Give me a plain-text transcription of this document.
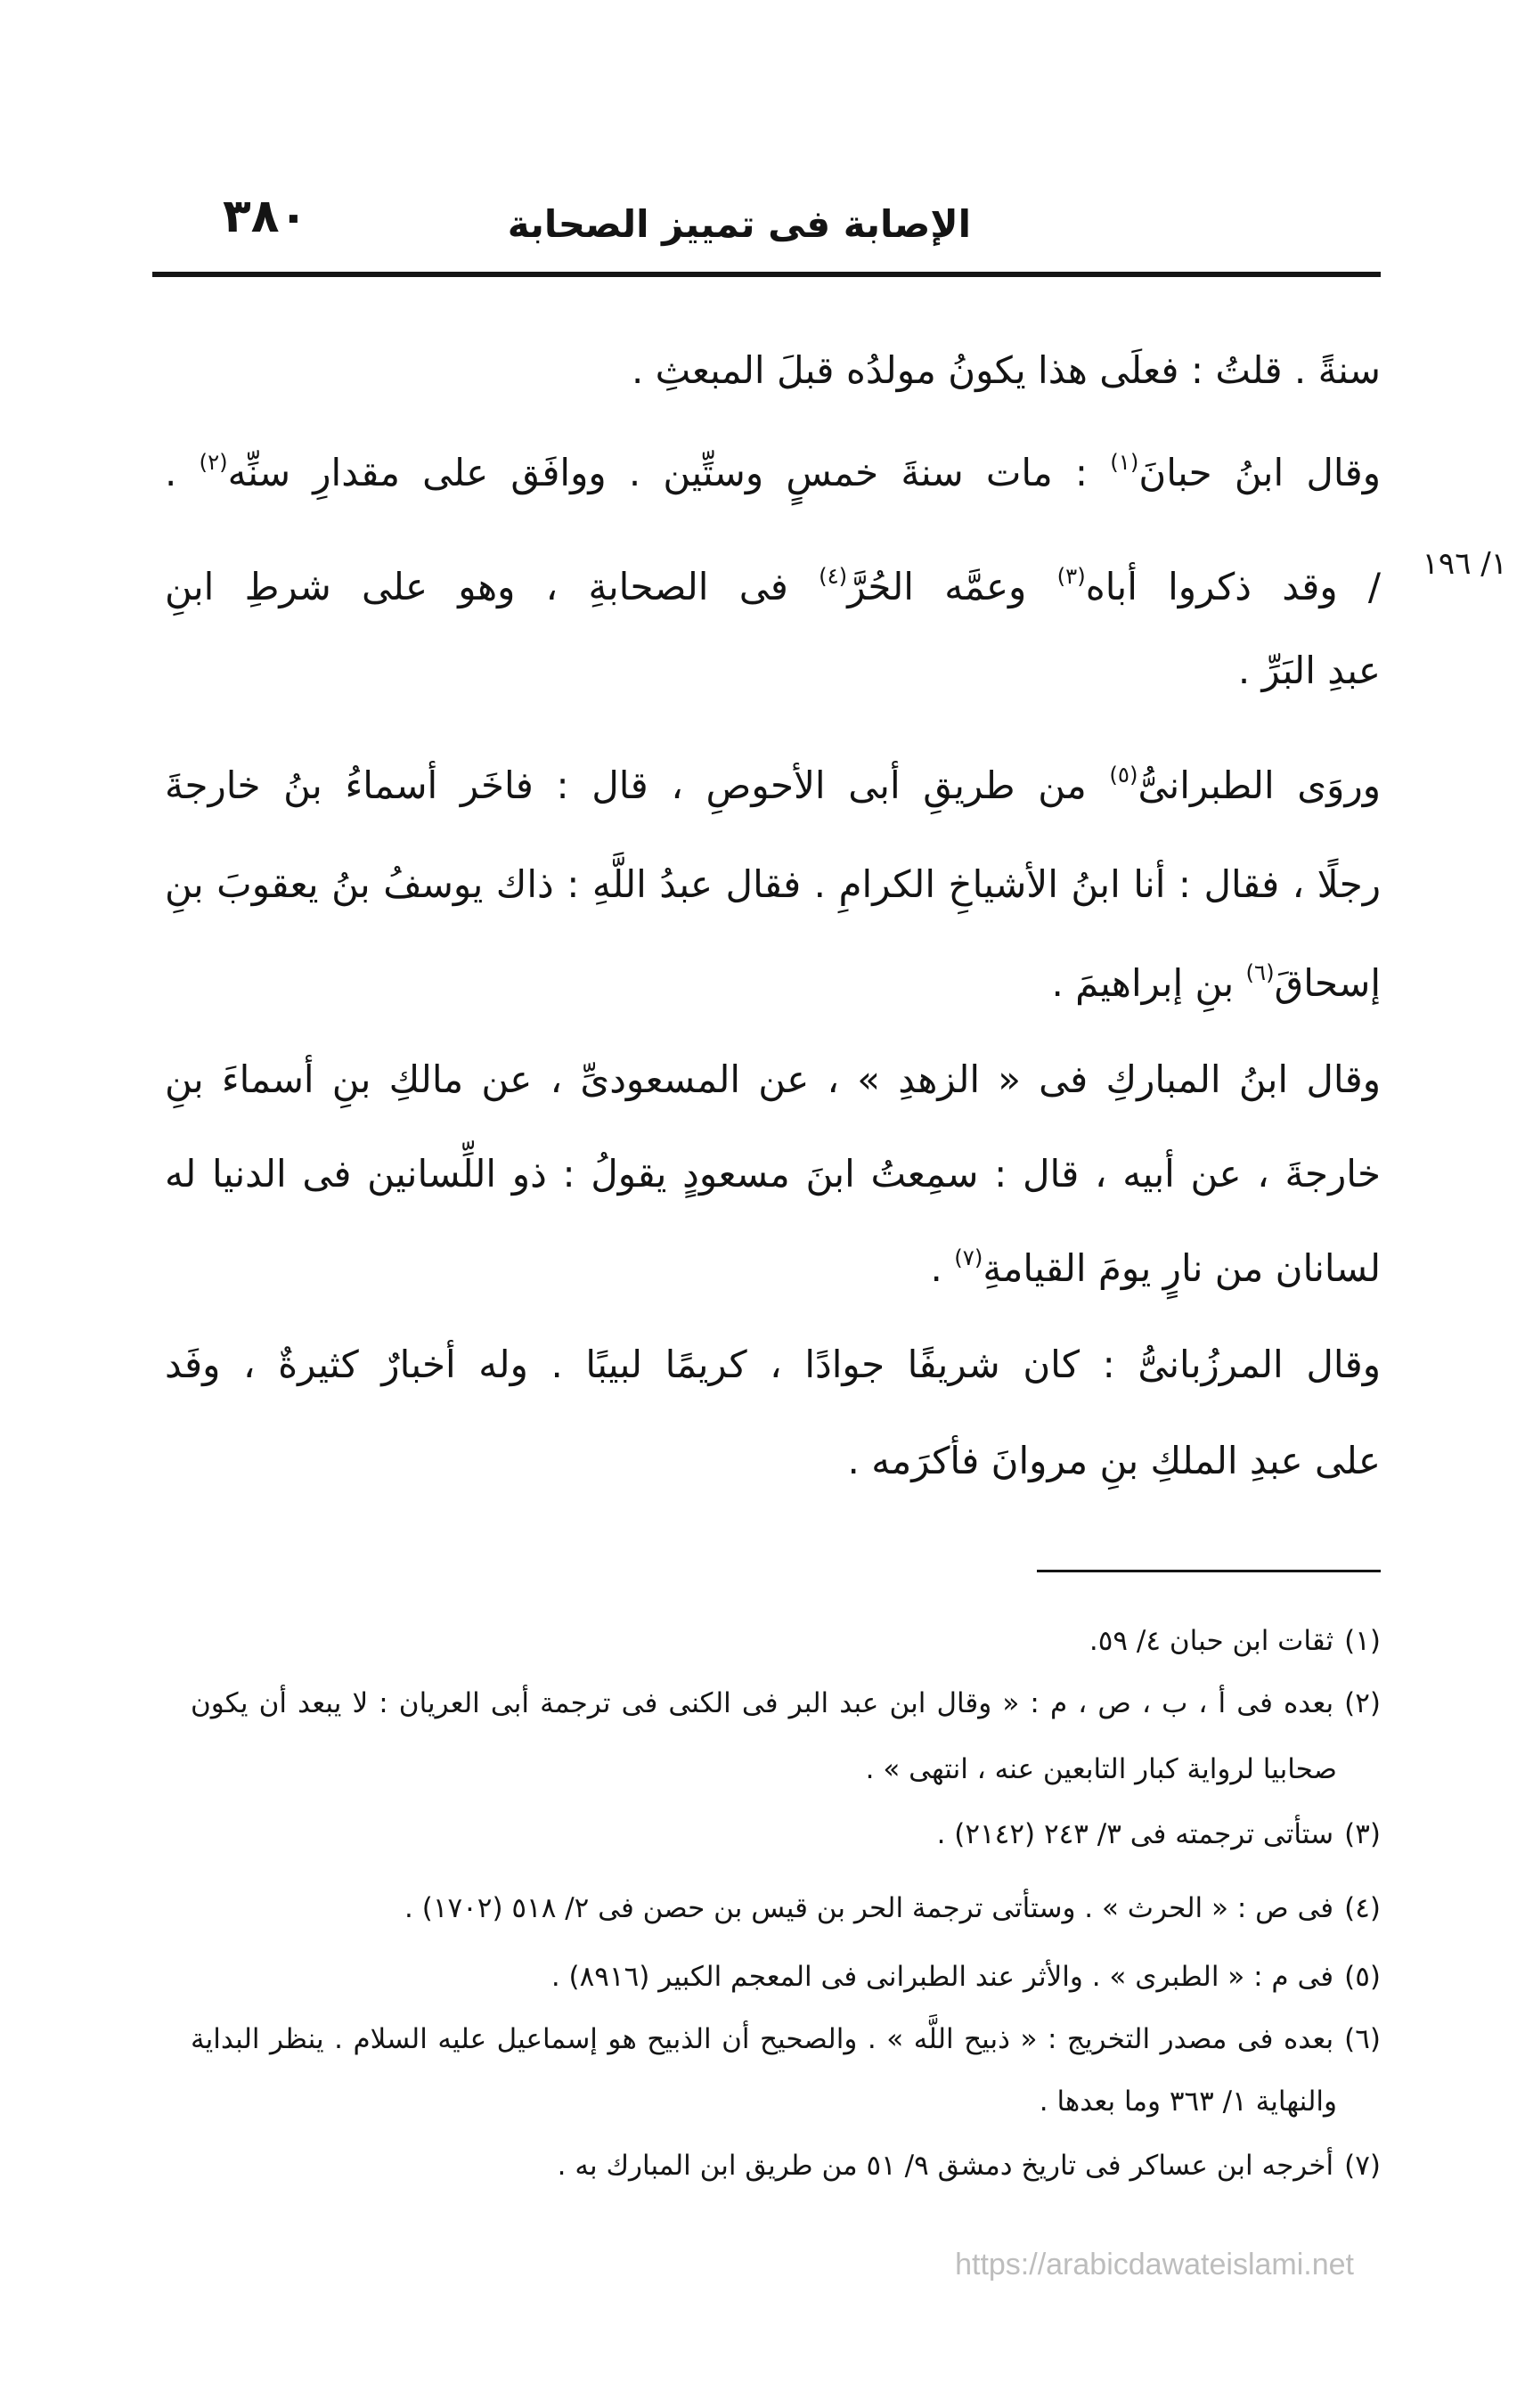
٣٨٠	الإصابة فى تمييز الصحابة
١/ ١٩٦
سنةً . قلتُ : فعلَى هذا يكونُ مولدُه قبلَ المبعثِ .
وقال ابنُ حبانَ$^{(١)}$ : مات سنةَ خمسٍ وستِّين . ووافَق على مقدارِ سنِّه$^{(٢)}$ .
/ وقد ذكروا أباه$^{(٣)}$ وعمَّه الحُرَّ$^{(٤)}$ فى الصحابةِ ، وهو على شرطِ ابنِ
عبدِ البَرِّ .
وروَى الطبرانىُّ$^{(٥)}$ من طريقِ أبى الأحوصِ ، قال : فاخَر أسماءُ بنُ خارجةَ
رجلًا ، فقال : أنا ابنُ الأشياخِ الكرامِ . فقال عبدُ اللَّهِ : ذاك يوسفُ بنُ يعقوبَ بنِ
إسحاقَ$^{(٦)}$ بنِ إبراهيمَ .
وقال ابنُ المباركِ فى « الزهدِ » ، عن المسعودىِّ ، عن مالكِ بنِ أسماءَ بنِ
خارجةَ ، عن أبيه ، قال : سمِعتُ ابنَ مسعودٍ يقولُ : ذو اللِّسانين فى الدنيا له
لسانان من نارٍ يومَ القيامةِ$^{(٧)}$ .
وقال المرزُبانىُّ : كان شريفًا جوادًا ، كريمًا لبيبًا . وله أخبارٌ كثيرةٌ ، وفَد
على عبدِ الملكِ بنِ مروانَ فأكرَمه .
(١)ثقات ابن حبان ٤/ ٥٩.
(٢)بعده فى أ ، ب ، ص ، م : « وقال ابن عبد البر فى الكنى فى ترجمة أبى العريان : لا يبعد أن يكون
صحابيا لرواية كبار التابعين عنه ، انتهى » .
(٣)ستأتى ترجمته فى ٣/ ٢٤٣ (٢١٤٢) .
(٤)فى ص : « الحرث » . وستأتى ترجمة الحر بن قيس بن حصن فى ٢/ ٥١٨ (١٧٠٢) .
(٥)فى م : « الطبرى » . والأثر عند الطبرانى فى المعجم الكبير (٨٩١٦) .
(٦)بعده فى مصدر التخريج : « ذبيح اللَّه » . والصحيح أن الذبيح هو إسماعيل عليه السلام . ينظر البداية
والنهاية ١/ ٣٦٣ وما بعدها .
(٧)أخرجه ابن عساكر فى تاريخ دمشق ٩/ ٥١ من طريق ابن المبارك به .
https://arabicdawateislami.net
